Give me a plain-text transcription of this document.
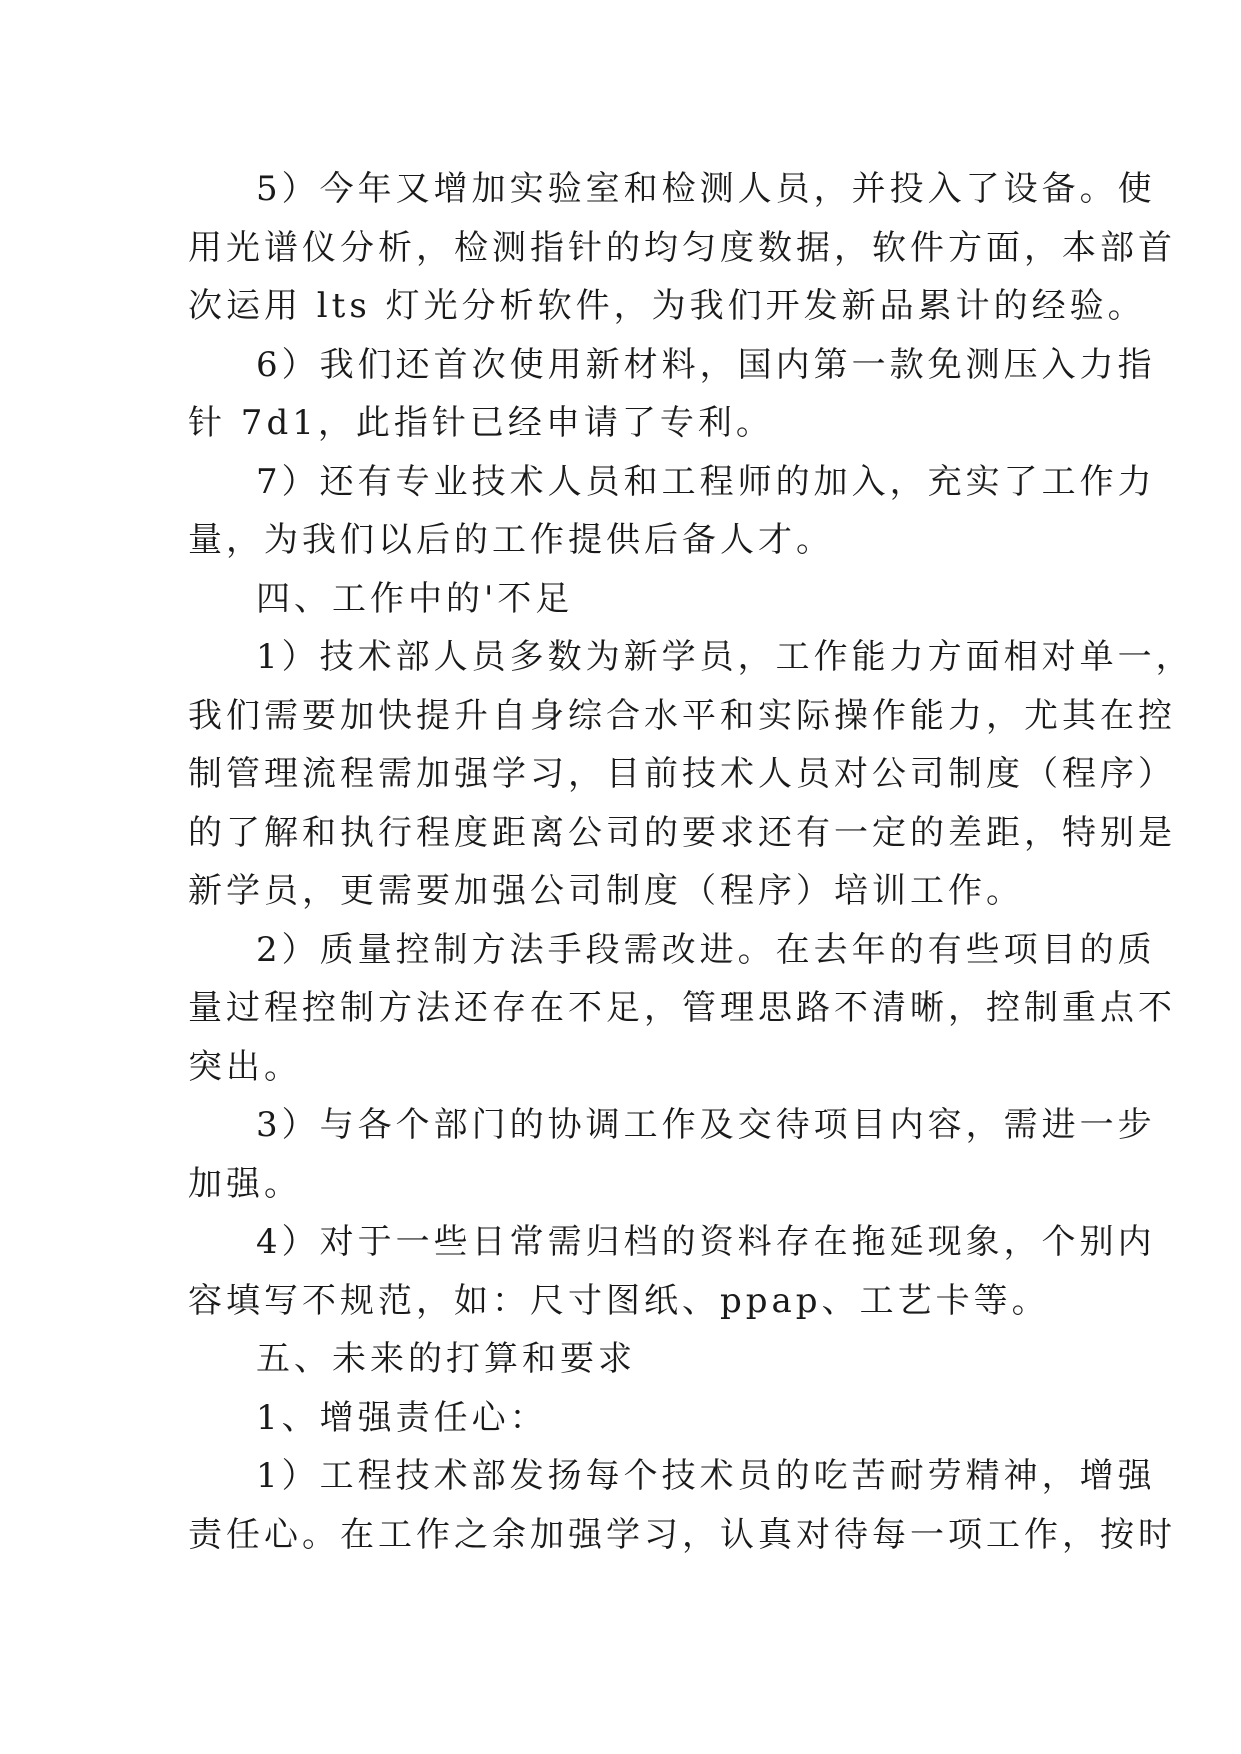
5）今年又增加实验室和检测人员，并投入了设备。使
用光谱仪分析，检测指针的均匀度数据，软件方面，本部首
次运用 lts 灯光分析软件，为我们开发新品累计的经验。
6）我们还首次使用新材料，国内第一款免测压入力指
针 7d1，此指针已经申请了专利。
7）还有专业技术人员和工程师的加入，充实了工作力
量，为我们以后的工作提供后备人才。
四、工作中的'不足
1）技术部人员多数为新学员，工作能力方面相对单一，
我们需要加快提升自身综合水平和实际操作能力，尤其在控
制管理流程需加强学习，目前技术人员对公司制度（程序）
的了解和执行程度距离公司的要求还有一定的差距，特别是
新学员，更需要加强公司制度（程序）培训工作。
2）质量控制方法手段需改进。在去年的有些项目的质
量过程控制方法还存在不足，管理思路不清晰，控制重点不
突出。
3）与各个部门的协调工作及交待项目内容，需进一步
加强。
4）对于一些日常需归档的资料存在拖延现象，个别内
容填写不规范，如：尺寸图纸、ppap、工艺卡等。
五、未来的打算和要求
1、增强责任心：
1）工程技术部发扬每个技术员的吃苦耐劳精神，增强
责任心。在工作之余加强学习，认真对待每一项工作，按时
